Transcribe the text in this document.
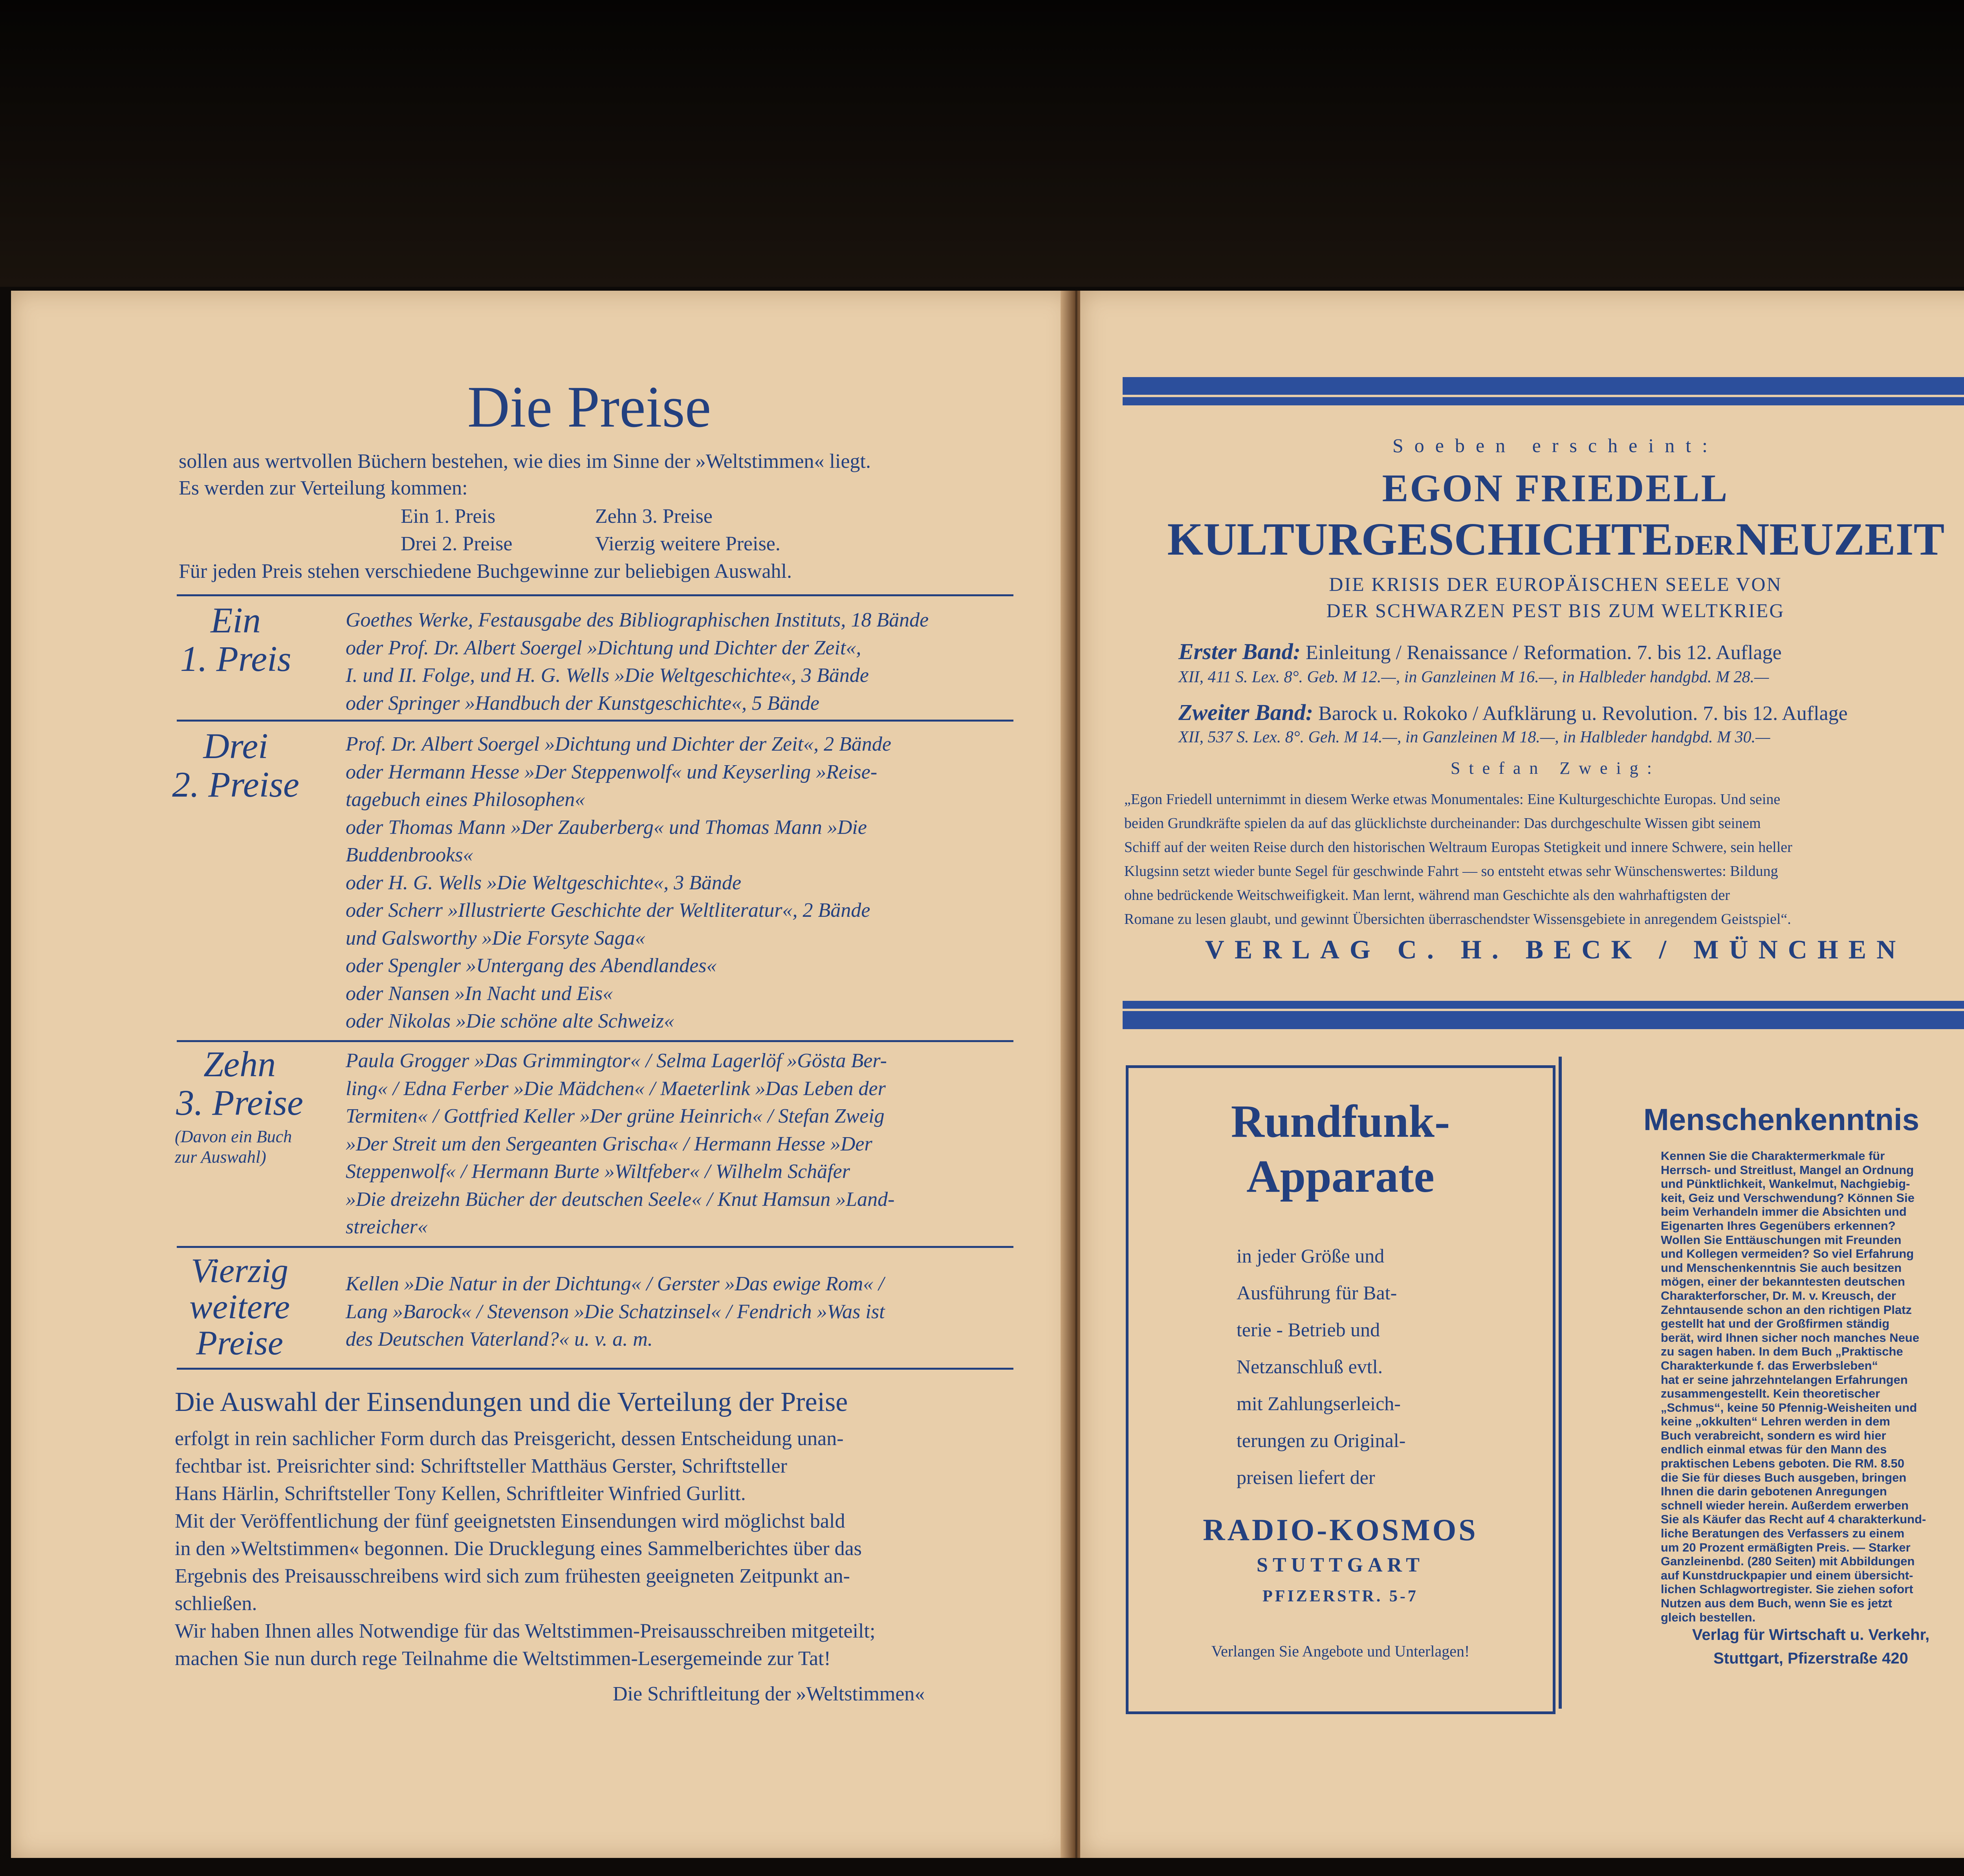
Die Preise
sollen aus wertvollen Büchern bestehen, wie dies im Sinne der »Weltstimmen« liegt.
Es werden zur Verteilung kommen:
Ein 1. Preis	Zehn 3. Preise
Drei 2. Preise	Vierzig weitere Preise.
Für jeden Preis stehen verschiedene Buchgewinne zur beliebigen Auswahl.
Ein
1. Preis
Goethes Werke, Festausgabe des Bibliographischen Instituts, 18 Bände
oder Prof. Dr. Albert Soergel »Dichtung und Dichter der Zeit«,
I. und II. Folge, und H. G. Wells »Die Weltgeschichte«, 3 Bände
oder Springer »Handbuch der Kunstgeschichte«, 5 Bände
Drei
2. Preise
Prof. Dr. Albert Soergel »Dichtung und Dichter der Zeit«, 2 Bände
oder Hermann Hesse »Der Steppenwolf« und Keyserling »Reise-
tagebuch eines Philosophen«
oder Thomas Mann »Der Zauberberg« und Thomas Mann »Die
Buddenbrooks«
oder H. G. Wells »Die Weltgeschichte«, 3 Bände
oder Scherr »Illustrierte Geschichte der Weltliteratur«, 2 Bände
und Galsworthy »Die Forsyte Saga«
oder Spengler »Untergang des Abendlandes«
oder Nansen »In Nacht und Eis«
oder Nikolas »Die schöne alte Schweiz«
Zehn
3. Preise
(Davon ein Buch
zur Auswahl)
Paula Grogger »Das Grimmingtor« / Selma Lagerlöf »Gösta Ber-
ling« / Edna Ferber »Die Mädchen« / Maeterlink »Das Leben der
Termiten« / Gottfried Keller »Der grüne Heinrich« / Stefan Zweig
»Der Streit um den Sergeanten Grischa« / Hermann Hesse »Der
Steppenwolf« / Hermann Burte »Wiltfeber« / Wilhelm Schäfer
»Die dreizehn Bücher der deutschen Seele« / Knut Hamsun »Land-
streicher«
Vierzig
weitere
Preise
Kellen »Die Natur in der Dichtung« / Gerster »Das ewige Rom« /
Lang »Barock« / Stevenson »Die Schatzinsel« / Fendrich »Was ist
des Deutschen Vaterland?« u. v. a. m.
Die Auswahl der Einsendungen und die Verteilung der Preise
erfolgt in rein sachlicher Form durch das Preisgericht, dessen Entscheidung unan-
fechtbar ist. Preisrichter sind: Schriftsteller Matthäus Gerster, Schriftsteller
Hans Härlin, Schriftsteller Tony Kellen, Schriftleiter Winfried Gurlitt.
Mit der Veröffentlichung der fünf geeignetsten Einsendungen wird möglichst bald
in den »Weltstimmen« begonnen. Die Drucklegung eines Sammelberichtes über das
Ergebnis des Preisausschreibens wird sich zum frühesten geeigneten Zeitpunkt an-
schließen.
Wir haben Ihnen alles Notwendige für das Weltstimmen-Preisausschreiben mitgeteilt;
machen Sie nun durch rege Teilnahme die Weltstimmen-Lesergemeinde zur Tat!
Die Schriftleitung der »Weltstimmen«
Soeben erscheint:
EGON FRIEDELL
KULTURGESCHICHTE DER NEUZEIT
DIE KRISIS DER EUROPÄISCHEN SEELE VON
DER SCHWARZEN PEST BIS ZUM WELTKRIEG
Erster Band: Einleitung / Renaissance / Reformation. 7. bis 12. Auflage
XII, 411 S. Lex. 8°. Geb. M 12.—, in Ganzleinen M 16.—, in Halbleder handgbd. M 28.—
Zweiter Band: Barock u. Rokoko / Aufklärung u. Revolution. 7. bis 12. Auflage
XII, 537 S. Lex. 8°. Geh. M 14.—, in Ganzleinen M 18.—, in Halbleder handgbd. M 30.—
Stefan Zweig:
„Egon Friedell unternimmt in diesem Werke etwas Monumentales: Eine Kulturgeschichte Europas. Und seine
beiden Grundkräfte spielen da auf das glücklichste durcheinander: Das durchgeschulte Wissen gibt seinem
Schiff auf der weiten Reise durch den historischen Weltraum Europas Stetigkeit und innere Schwere, sein heller
Klugsinn setzt wieder bunte Segel für geschwinde Fahrt — so entsteht etwas sehr Wünschenswertes: Bildung
ohne bedrückende Weitschweifigkeit. Man lernt, während man Geschichte als den wahrhaftigsten der
Romane zu lesen glaubt, und gewinnt Übersichten überraschendster Wissensgebiete in anregendem Geistspiel“.
VERLAG C. H. BECK / MÜNCHEN
Rundfunk-
Apparate
in jeder Größe und
Ausführung für Bat-
terie - Betrieb und
Netzanschluß evtl.
mit Zahlungserleich-
terungen zu Original-
preisen liefert der
RADIO-KOSMOS
STUTTGART
PFIZERSTR. 5-7
Verlangen Sie Angebote und Unterlagen!
Menschenkenntnis
Kennen Sie die Charaktermerkmale für
Herrsch- und Streitlust, Mangel an Ordnung
und Pünktlichkeit, Wankelmut, Nachgiebig-
keit, Geiz und Verschwendung? Können Sie
beim Verhandeln immer die Absichten und
Eigenarten Ihres Gegenübers erkennen?
Wollen Sie Enttäuschungen mit Freunden
und Kollegen vermeiden? So viel Erfahrung
und Menschenkenntnis Sie auch besitzen
mögen, einer der bekanntesten deutschen
Charakterforscher, Dr. M. v. Kreusch, der
Zehntausende schon an den richtigen Platz
gestellt hat und der Großfirmen ständig
berät, wird Ihnen sicher noch manches Neue
zu sagen haben. In dem Buch „Praktische
Charakterkunde f. das Erwerbsleben“
hat er seine jahrzehntelangen Erfahrungen
zusammengestellt. Kein theoretischer
„Schmus“, keine 50 Pfennig-Weisheiten und
keine „okkulten“ Lehren werden in dem
Buch verabreicht, sondern es wird hier
endlich einmal etwas für den Mann des
praktischen Lebens geboten. Die RM. 8.50
die Sie für dieses Buch ausgeben, bringen
Ihnen die darin gebotenen Anregungen
schnell wieder herein. Außerdem erwerben
Sie als Käufer das Recht auf 4 charakterkund-
liche Beratungen des Verfassers zu einem
um 20 Prozent ermäßigten Preis. — Starker
Ganzleinenbd. (280 Seiten) mit Abbildungen
auf Kunstdruckpapier und einem übersicht-
lichen Schlagwortregister. Sie ziehen sofort
Nutzen aus dem Buch, wenn Sie es jetzt
gleich bestellen.
Verlag für Wirtschaft u. Verkehr,
Stuttgart, Pfizerstraße 420
